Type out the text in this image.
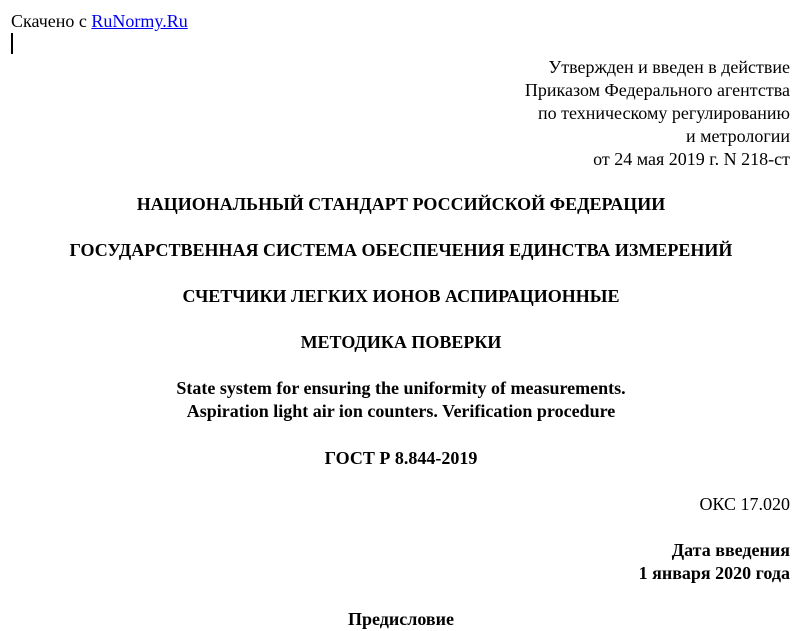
Скачено с RuNormy.Ru
Утвержден и введен в действие
Приказом Федерального агентства
по техническому регулированию
и метрологии
от 24 мая 2019 г. N 218-ст
НАЦИОНАЛЬНЫЙ СТАНДАРТ РОССИЙСКОЙ ФЕДЕРАЦИИ
ГОСУДАРСТВЕННАЯ СИСТЕМА ОБЕСПЕЧЕНИЯ ЕДИНСТВА ИЗМЕРЕНИЙ
СЧЕТЧИКИ ЛЕГКИХ ИОНОВ АСПИРАЦИОННЫЕ
МЕТОДИКА ПОВЕРКИ
State system for ensuring the uniformity of measurements.
Aspiration light air ion counters. Verification procedure
ГОСТ Р 8.844-2019
ОКС 17.020
Дата введения
1 января 2020 года
Предисловие
